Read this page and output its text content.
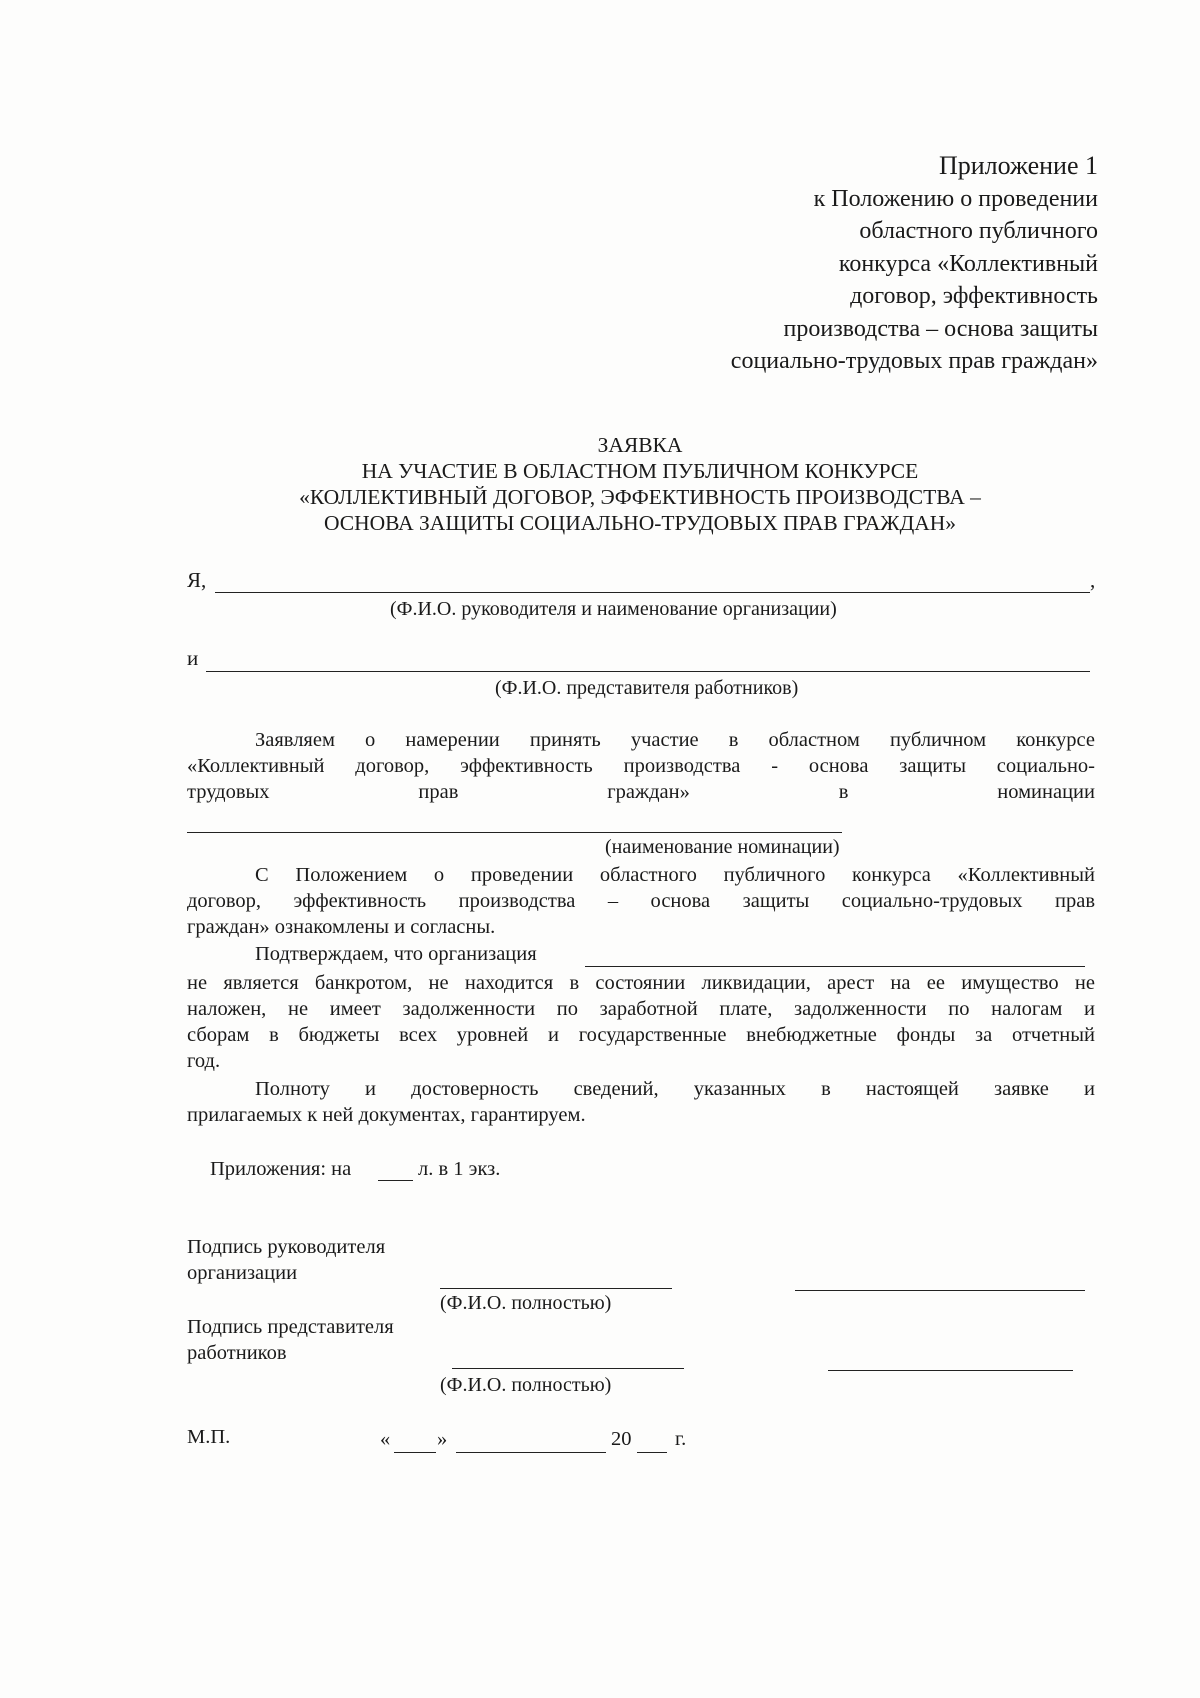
Приложение 1
к Положению о проведении
областного публичного
конкурса «Коллективный
договор, эффективность
производства – основа защиты
социально-трудовых прав граждан»
ЗАЯВКА
НА УЧАСТИЕ В ОБЛАСТНОМ ПУБЛИЧНОМ КОНКУРСЕ
«КОЛЛЕКТИВНЫЙ ДОГОВОР, ЭФФЕКТИВНОСТЬ ПРОИЗВОДСТВА –
ОСНОВА ЗАЩИТЫ СОЦИАЛЬНО-ТРУДОВЫХ ПРАВ ГРАЖДАН»
Я,	,
(Ф.И.О. руководителя и наименование организации)
и
(Ф.И.О. представителя работников)
Заявляем о намерении принять участие в областном публичном конкурсе
«Коллективный договор, эффективность производства - основа защиты социально-
трудовых прав граждан» в номинации
(наименование номинации)
С Положением о проведении областного публичного конкурса «Коллективный
договор, эффективность производства – основа защиты социально-трудовых прав
граждан» ознакомлены и согласны.
Подтверждаем, что организация
не является банкротом, не находится в состоянии ликвидации, арест на ее имущество не
наложен, не имеет задолженности по заработной плате, задолженности по налогам и
сборам в бюджеты всех уровней и государственные внебюджетные фонды за отчетный
год.
Полноту и достоверность сведений, указанных в настоящей заявке и
прилагаемых к ней документах, гарантируем.
Приложения: на	л. в 1 экз.
Подпись руководителя
организации
(Ф.И.О. полностью)
Подпись представителя
работников
(Ф.И.О. полностью)
М.П.	« »	20 г.
